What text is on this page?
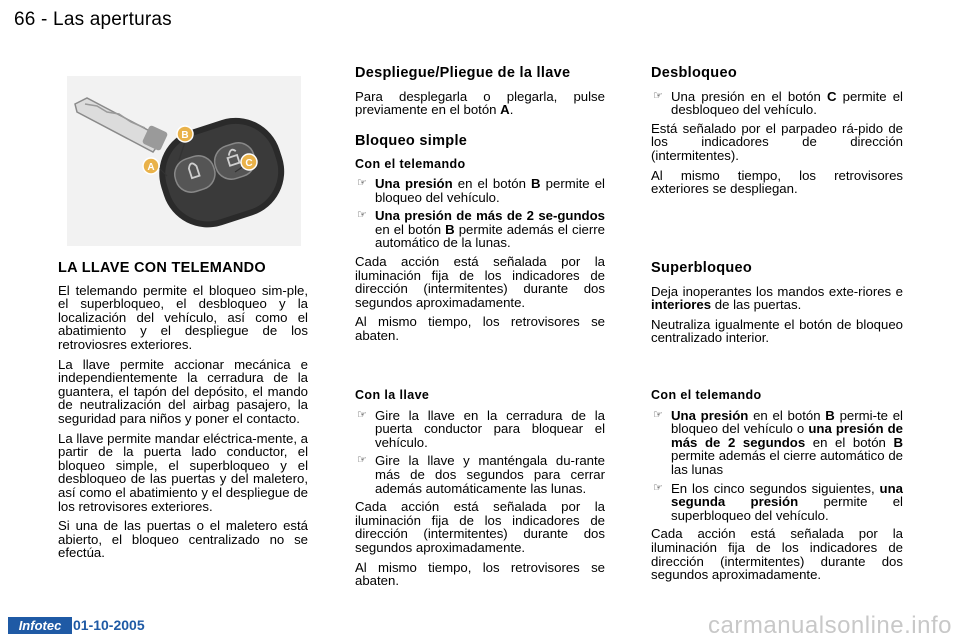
66 - Las aperturas
B
A	C
LA LLAVE CON TELEMANDO

El telemando permite el bloqueo sim-ple, el superbloqueo, el desbloqueo y la localización del vehículo, así como el abatimiento y el despliegue de los retroviosres exteriores.

La llave permite accionar mecánica e independientemente la cerradura de la guantera, el tapón del depósito, el mando de neutralización del airbag pasajero, la seguridad para niños y poner el contacto.

La llave permite mandar eléctrica-mente, a partir de la puerta lado conductor, el bloqueo simple, el superbloqueo y el desbloqueo de las puertas y del maletero, así como el abatimiento y el despliegue de los retrovisores exteriores.

Si una de las puertas o el maletero está abierto, el bloqueo centralizado no se efectúa.

Despliegue/Pliegue de la llave

Para desplegarla o plegarla, pulse previamente en el botón A.

Bloqueo simple
Con el telemando
☞ Una presión en el botón B permite el bloqueo del vehículo.
☞ Una presión de más de 2 se-gundos en el botón B permite además el cierre automático de la lunas.

Cada acción está señalada por la iluminación fija de los indicadores de dirección (intermitentes) durante dos segundos aproximadamente.

Al mismo tiempo, los retrovisores se abaten.

Con la llave
☞ Gire la llave en la cerradura de la puerta conductor para bloquear el vehículo.
☞ Gire la llave y manténgala du-rante más de dos segundos para cerrar además automáticamente las lunas.

Cada acción está señalada por la iluminación fija de los indicadores de dirección (intermitentes) durante dos segundos aproximadamente.

Al mismo tiempo, los retrovisores se abaten.

Desbloqueo
☞ Una presión en el botón C permite el desbloqueo del vehículo.

Está señalado por el parpadeo rá-pido de los indicadores de dirección (intermitentes).

Al mismo tiempo, los retrovisores exteriores se despliegan.

Superbloqueo

Deja inoperantes los mandos exte-riores e interiores de las puertas.

Neutraliza igualmente el botón de bloqueo centralizado interior.

Con el telemando
☞ Una presión en el botón B permi-te el bloqueo del vehículo o una presión de más de 2 segundos en el botón B permite además el cierre automático de las lunas
☞ En los cinco segundos siguientes, una segunda presión permite el superbloqueo del vehículo.

Cada acción está señalada por la iluminación fija de los indicadores de dirección (intermitentes) durante dos segundos aproximadamente.

Infotec 01-10-2005	carmanualsonline.info
